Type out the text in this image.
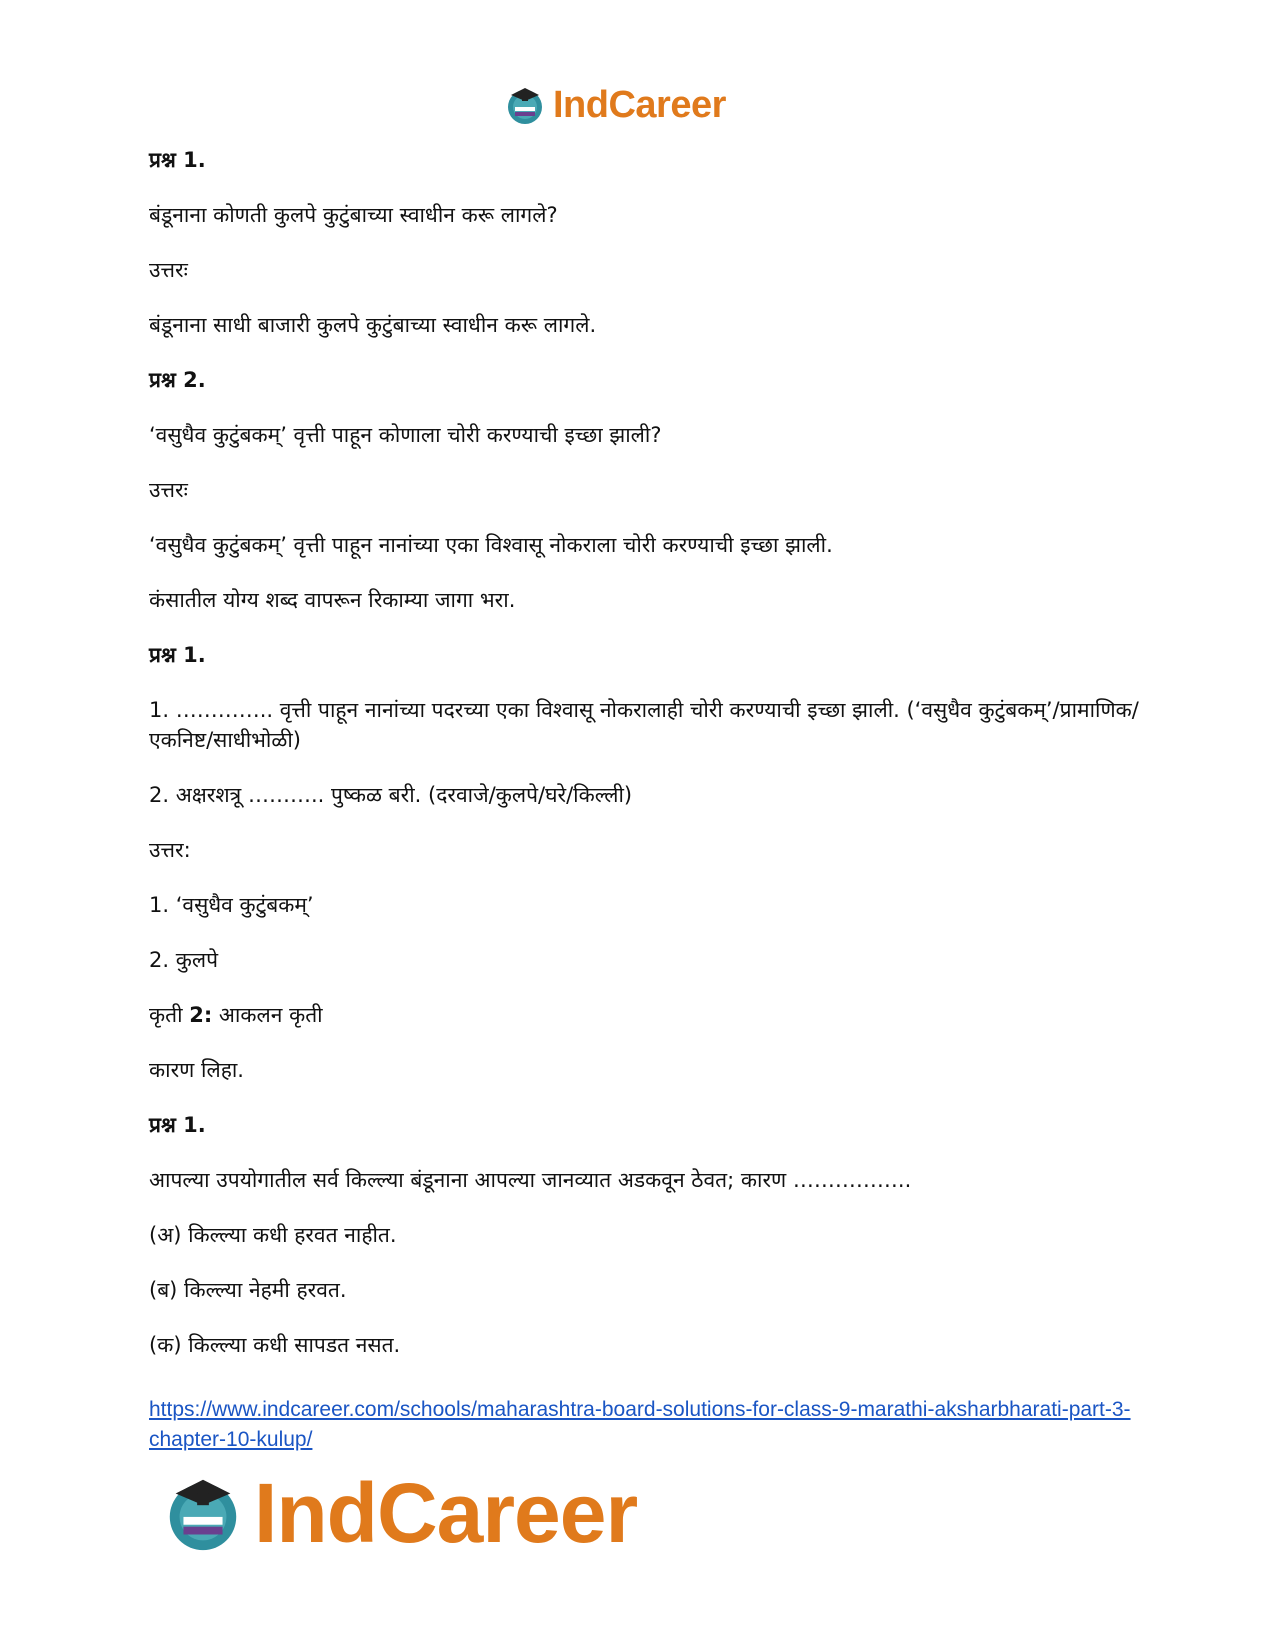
IndCareer

प्रश्न 1.

बंडूनाना कोणती कुलपे कुटुंबाच्या स्वाधीन करू लागले?

उत्तरः

बंडूनाना साधी बाजारी कुलपे कुटुंबाच्या स्वाधीन करू लागले.

प्रश्न 2.

‘वसुधैव कुटुंबकम्’ वृत्ती पाहून कोणाला चोरी करण्याची इच्छा झाली?

उत्तरः

‘वसुधैव कुटुंबकम्’ वृत्ती पाहून नानांच्या एका विश्वासू नोकराला चोरी करण्याची इच्छा झाली.

कंसातील योग्य शब्द वापरून रिकाम्या जागा भरा.

प्रश्न 1.

1. ………….. वृत्ती पाहून नानांच्या पदरच्या एका विश्वासू नोकरालाही चोरी करण्याची इच्छा झाली. (‘वसुधैव कुटुंबकम्’/प्रामाणिक/एकनिष्ट/साधीभोळी)

2. अक्षरशत्रू ……….. पुष्कळ बरी. (दरवाजे/कुलपे/घरे/किल्ली)

उत्तर:

1. ‘वसुधैव कुटुंबकम्’

2. कुलपे

कृती 2: आकलन कृती

कारण लिहा.

प्रश्न 1.

आपल्या उपयोगातील सर्व किल्ल्या बंडूनाना आपल्या जानव्यात अडकवून ठेवत; कारण ……………..

(अ) किल्ल्या कधी हरवत नाहीत.

(ब) किल्ल्या नेहमी हरवत.

(क) किल्ल्या कधी सापडत नसत.

https://www.indcareer.com/schools/maharashtra-board-solutions-for-class-9-marathi-aksharbharati-part-3-chapter-10-kulup/
IndCareer
